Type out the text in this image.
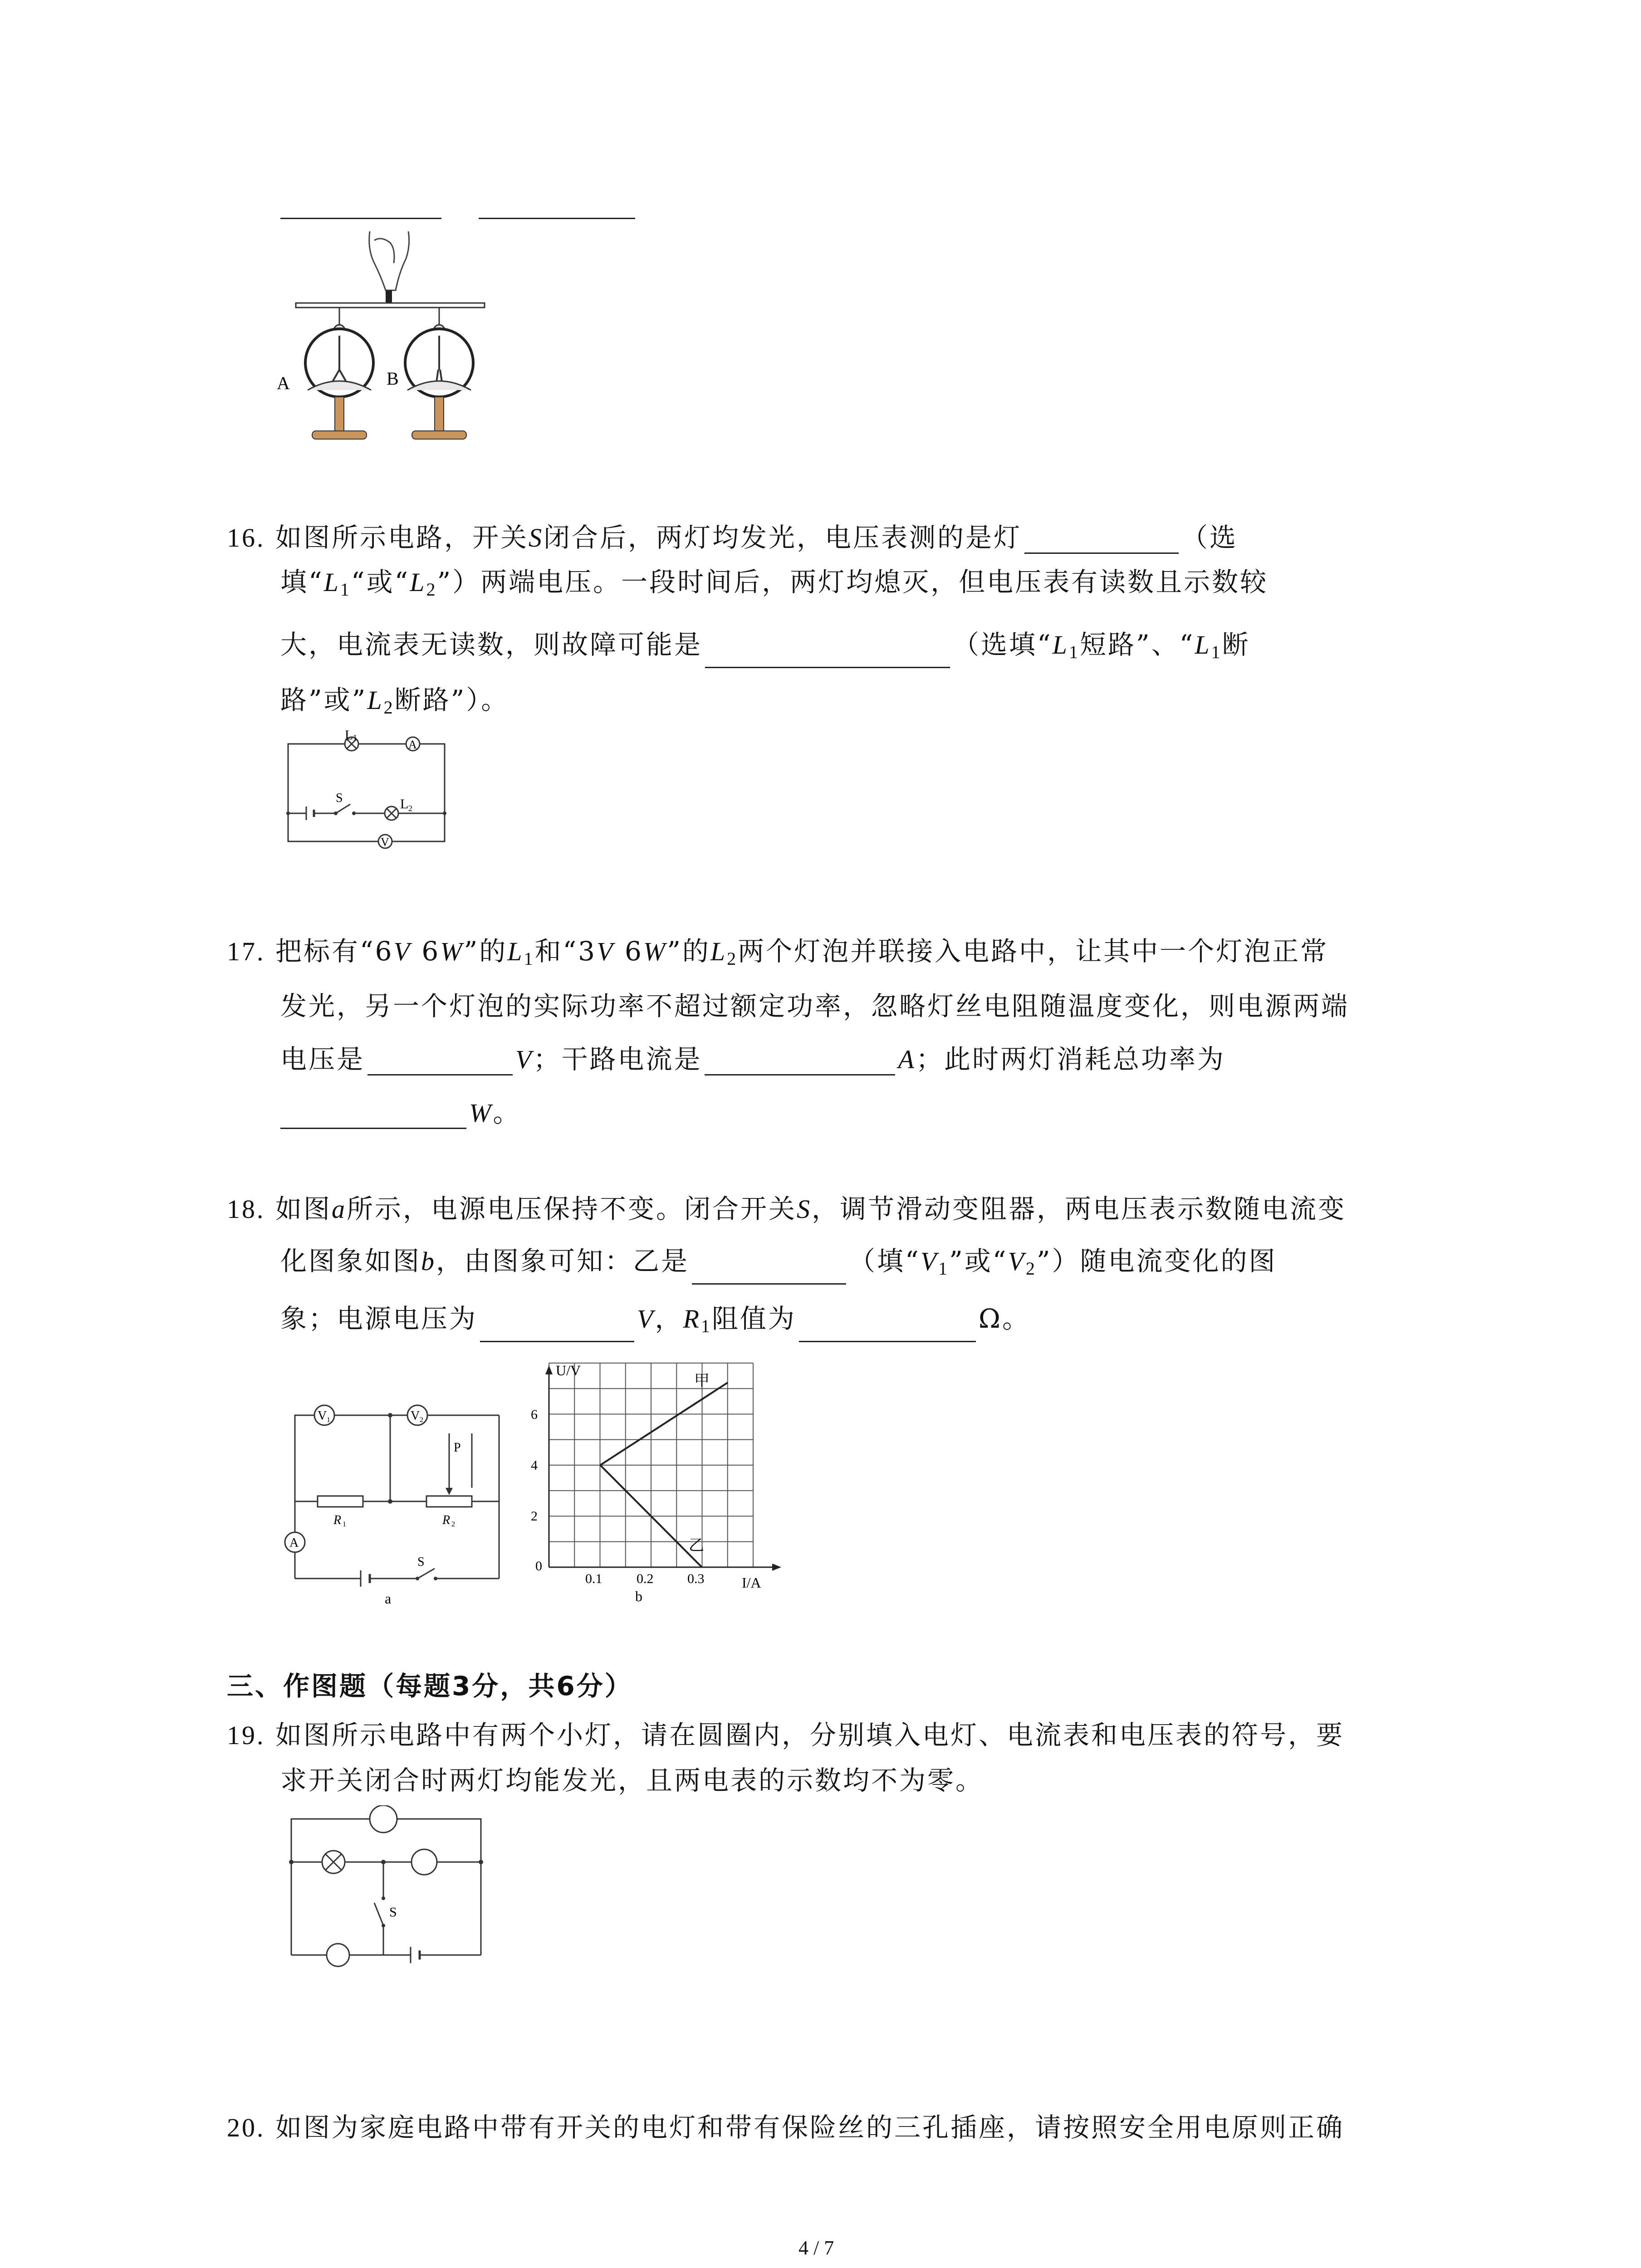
A	B
16. 如图所示电路，开关S闭合后，两灯均发光，电压表测的是灯	（选
填“$L_1“$或“$L_2$”）两端电压。一段时间后，两灯均熄灭，但电压表有读数且示数较
大，电流表无读数，则故障可能是	（选填“$L_1$短路”、“$L_1$断
路”或$”L_2$断路”）。
L 1
A
S	L 2
V
17. 把标有“6V 6W”的$L_1$和“3V 6W”的$L_2$两个灯泡并联接入电路中，让其中一个灯泡正常
发光，另一个灯泡的实际功率不超过额定功率，忽略灯丝电阻随温度变化，则电源两端
电压是	V；干路电流是	A；此时两灯消耗总功率为
W。
18. 如图a所示，电源电压保持不变。闭合开关S，调节滑动变阻器，两电压表示数随电流变
化图象如图b，由图象可知：乙是	（填“$V_1$”或“$V_2$”）随电流变化的图
象；电源电压为	V，$R_1$阻值为	Ω。
V 1	V 2
R 1
P
R 2
A
S
a
U/V
I/A
6
4
2
0
0.1	0.2 0.3
甲
乙
b
三、作图题（每题3分，共6分）
19. 如图所示电路中有两个小灯，请在圆圈内，分别填入电灯、电流表和电压表的符号，要
求开关闭合时两灯均能发光，且两电表的示数均不为零。
S
20. 如图为家庭电路中带有开关的电灯和带有保险丝的三孔插座，请按照安全用电原则正确
4 / 7
